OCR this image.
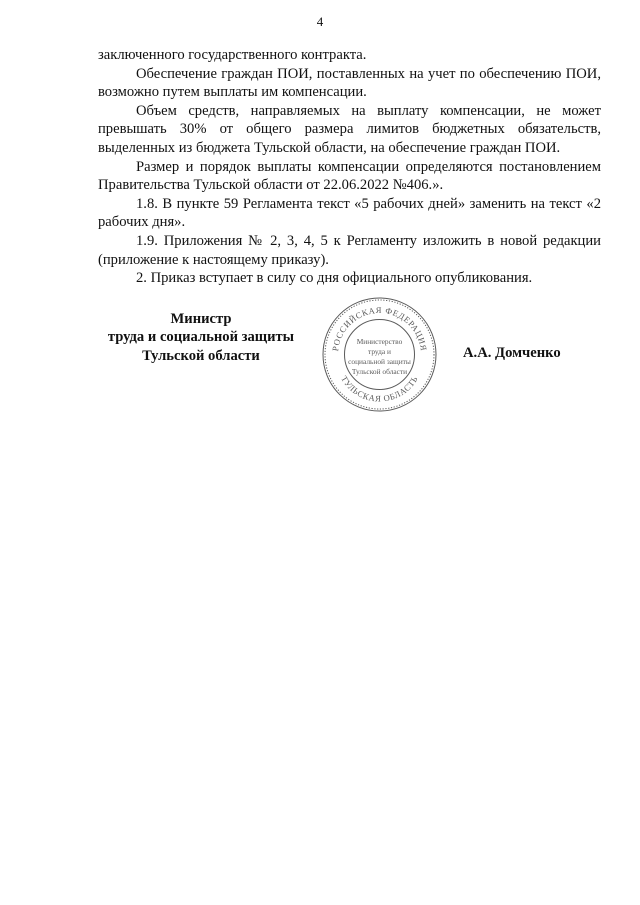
4

заключенного государственного контракта.

Обеспечение граждан ПОИ, поставленных на учет по обеспечению ПОИ, возможно путем выплаты им компенсации.

Объем средств, направляемых на выплату компенсации, не может превышать 30% от общего размера лимитов бюджетных обязательств, выделенных из бюджета Тульской области, на обеспечение граждан ПОИ.

Размер и порядок выплаты компенсации определяются постановлением Правительства Тульской области от 22.06.2022 №406.».

1.8. В пункте 59 Регламента текст «5 рабочих дней» заменить на текст «2 рабочих дня».

1.9. Приложения № 2, 3, 4, 5 к Регламенту изложить в новой редакции (приложение к настоящему приказу).

2. Приказ вступает в силу со дня официального опубликования.

Министр
труда и социальной защиты
Тульской области	РОССИЙСКАЯ ФЕДЕРАЦИЯ
ТУЛЬСКАЯ ОБЛАСТЬ
Министерство
труда и
социальной защиты
Тульской области
А.А. Домченко
